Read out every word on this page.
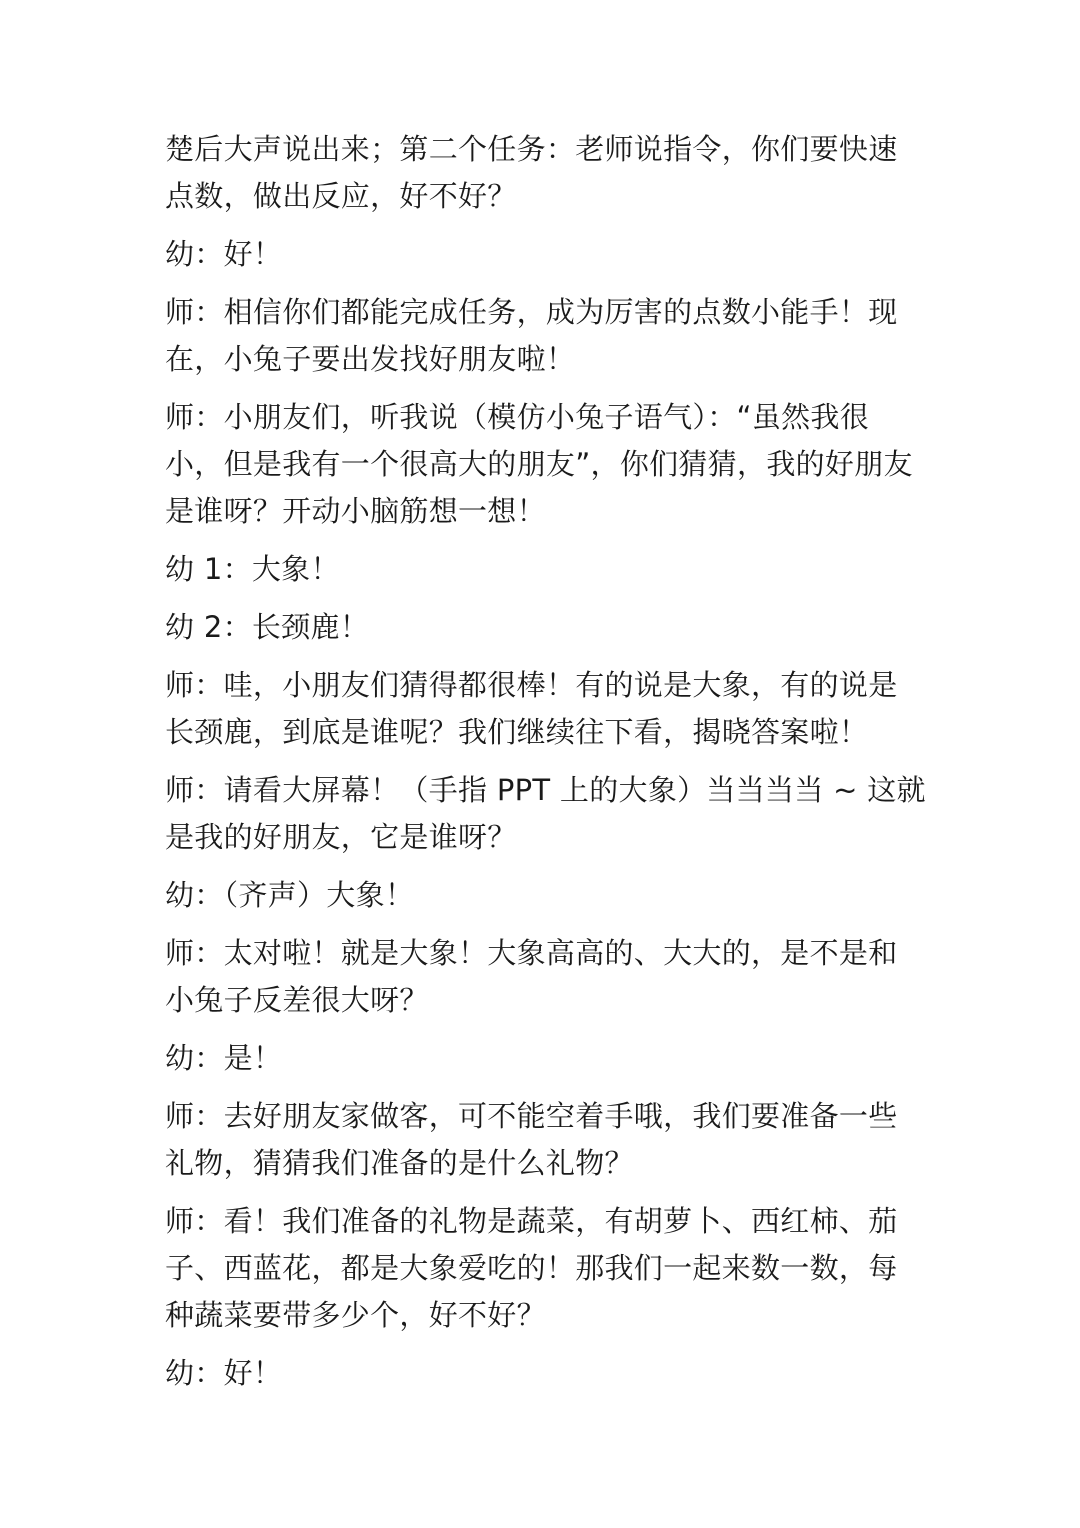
楚后大声说出来；第二个任务：老师说指令，你们要快速
点数，做出反应，好不好？

幼：好！

师：相信你们都能完成任务，成为厉害的点数小能手！现
在，小兔子要出发找好朋友啦！

师：小朋友们，听我说（模仿小兔子语气）：“虽然我很
小，但是我有一个很高大的朋友”，你们猜猜，我的好朋友
是谁呀？开动小脑筋想一想！

幼 1：大象！

幼 2：长颈鹿！

师：哇，小朋友们猜得都很棒！有的说是大象，有的说是
长颈鹿，到底是谁呢？我们继续往下看，揭晓答案啦！

师：请看大屏幕！（手指 PPT 上的大象）当当当当 ~ 这就
是我的好朋友，它是谁呀？

幼：（齐声）大象！

师：太对啦！就是大象！大象高高的、大大的，是不是和
小兔子反差很大呀？

幼：是！

师：去好朋友家做客，可不能空着手哦，我们要准备一些
礼物，猜猜我们准备的是什么礼物？

师：看！我们准备的礼物是蔬菜，有胡萝卜、西红柿、茄
子、西蓝花，都是大象爱吃的！那我们一起来数一数，每
种蔬菜要带多少个，好不好？

幼：好！
